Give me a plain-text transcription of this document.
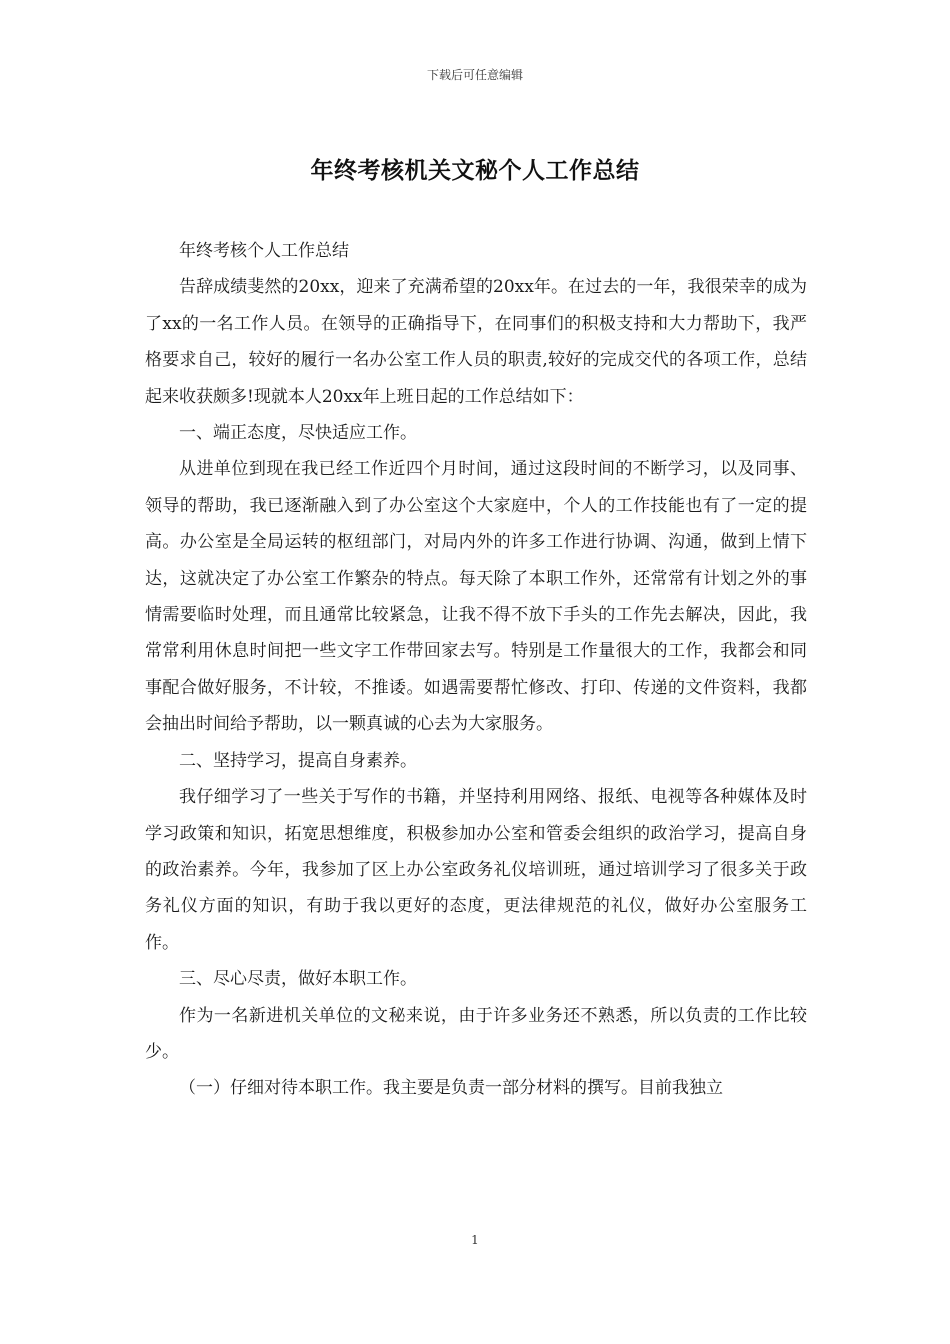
下载后可任意编辑
年终考核机关文秘个人工作总结

年终考核个人工作总结

告辞成绩斐然的20xx，迎来了充满希望的20xx年。在过去的一年，我很荣幸的成为了xx的一名工作人员。在领导的正确指导下，在同事们的积极支持和大力帮助下，我严格要求自己，较好的履行一名办公室工作人员的职责,较好的完成交代的各项工作，总结起来收获颇多!现就本人20xx年上班日起的工作总结如下：

一、端正态度，尽快适应工作。

从进单位到现在我已经工作近四个月时间，通过这段时间的不断学习，以及同事、领导的帮助，我已逐渐融入到了办公室这个大家庭中，个人的工作技能也有了一定的提高。办公室是全局运转的枢纽部门，对局内外的许多工作进行协调、沟通，做到上情下达，这就决定了办公室工作繁杂的特点。每天除了本职工作外，还常常有计划之外的事情需要临时处理，而且通常比较紧急，让我不得不放下手头的工作先去解决，因此，我常常利用休息时间把一些文字工作带回家去写。特别是工作量很大的工作，我都会和同事配合做好服务，不计较，不推诿。如遇需要帮忙修改、打印、传递的文件资料，我都会抽出时间给予帮助，以一颗真诚的心去为大家服务。

二、坚持学习，提高自身素养。

我仔细学习了一些关于写作的书籍，并坚持利用网络、报纸、电视等各种媒体及时学习政策和知识，拓宽思想维度，积极参加办公室和管委会组织的政治学习，提高自身的政治素养。今年，我参加了区上办公室政务礼仪培训班，通过培训学习了很多关于政务礼仪方面的知识，有助于我以更好的态度，更法律规范的礼仪，做好办公室服务工作。

三、尽心尽责，做好本职工作。

作为一名新进机关单位的文秘来说，由于许多业务还不熟悉，所以负责的工作比较少。

（一）仔细对待本职工作。我主要是负责一部分材料的撰写。目前我独立

1
